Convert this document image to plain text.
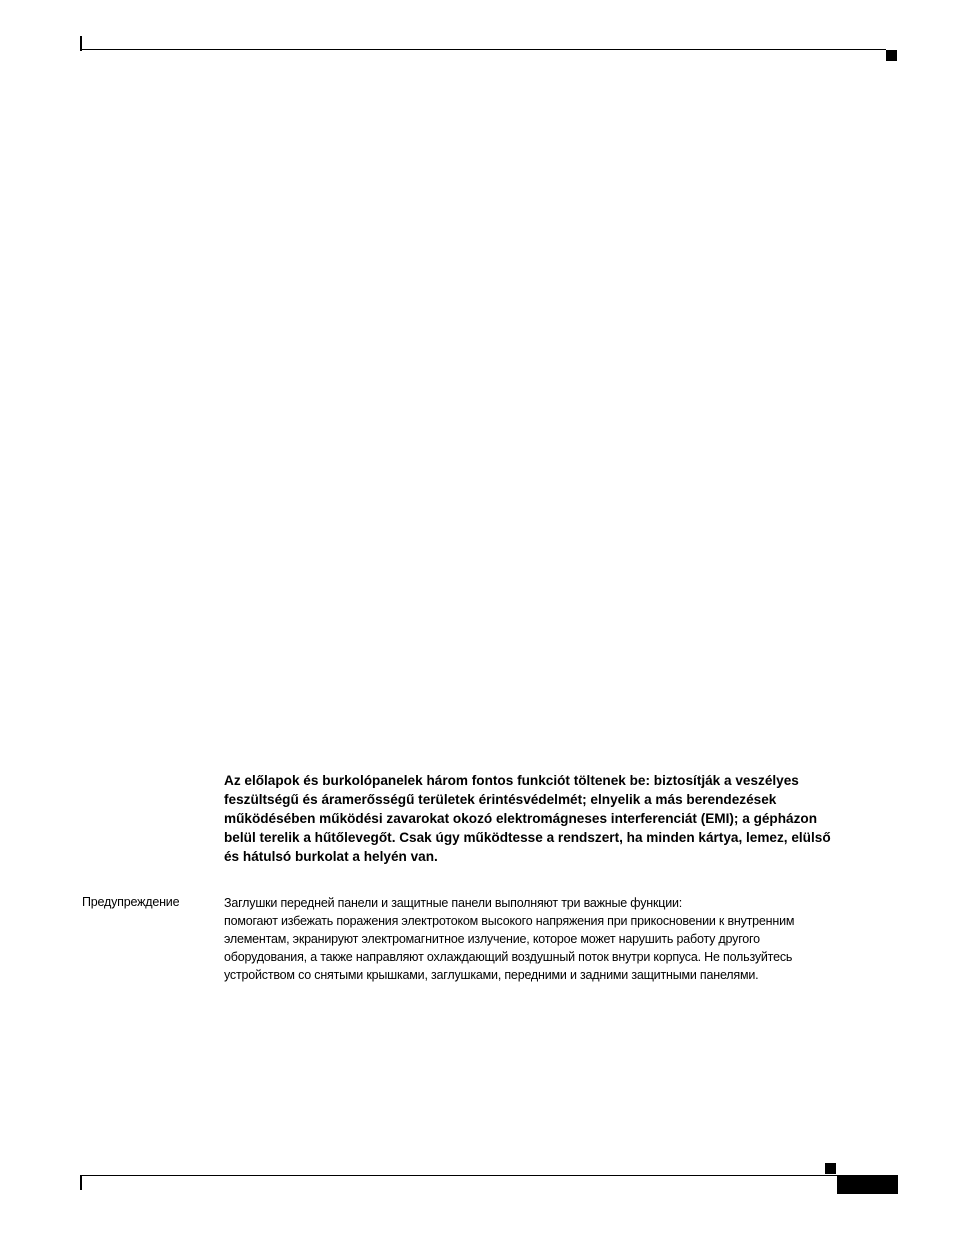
Az előlapok és burkolópanelek három fontos funkciót töltenek be: biztosítják a veszélyes
feszültségű és áramerősségű területek érintésvédelmét; elnyelik a más berendezések
működésében működési zavarokat okozó elektromágneses interferenciát (EMI); a gépházon
belül terelik a hűtőlevegőt. Csak úgy működtesse a rendszert, ha minden kártya, lemez, elülső
és hátulsó burkolat a helyén van.

Предупреждение	Заглушки передней панели и защитные панели выполняют три важные функции:
помогают избежать поражения электротоком высокого напряжения при прикосновении к внутренним
элементам, экранируют электромагнитное излучение, которое может нарушить работу другого
оборудования, а также направляют охлаждающий воздушный поток внутри корпуса. Не пользуйтесь
устройством со снятыми крышками, заглушками, передними и задними защитными панелями.
